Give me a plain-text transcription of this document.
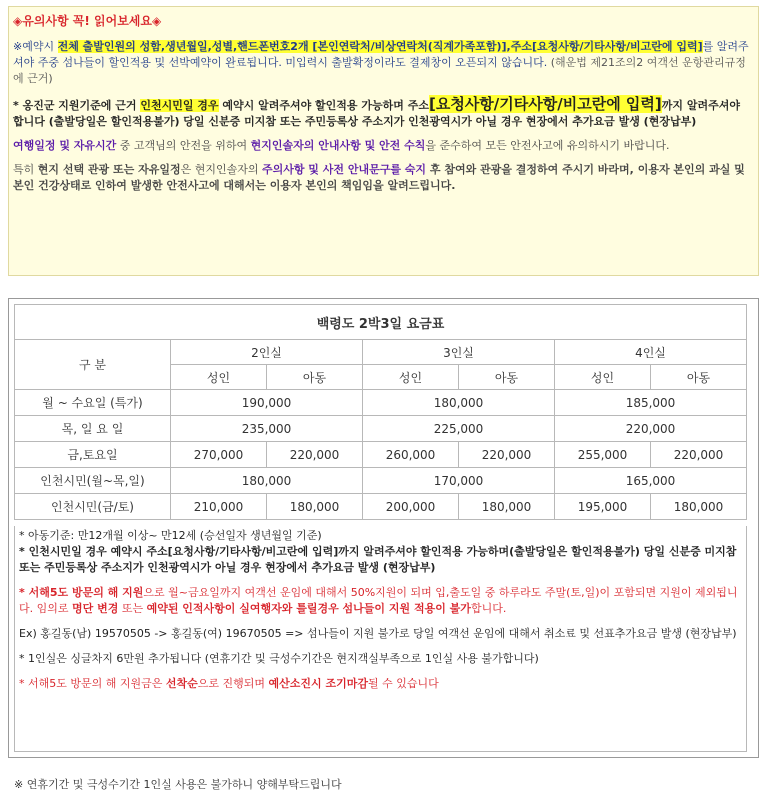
◈유의사항 꼭! 읽어보세요◈

※예약시 전체 출발인원의 성함,생년월일,성별,핸드폰번호2개 [본인연락처/비상연락처(직계가족포함)],주소[요청사항/기타사항/비고란에 입력]를 알려주셔야 주중 섬나들이 할인적용 및 선박예약이 완료됩니다. 미입력시 출발확정이라도 결제창이 오픈되지 않습니다. (해운법 제21조의2 여객선 운항관리규정에 근거)

* 옹진군 지원기준에 근거 인천시민일 경우 예약시 알려주셔야 할인적용 가능하며 주소[요청사항/기타사항/비고란에 입력]까지 알려주셔야 합니다 (출발당일은 할인적용불가) 당일 신분증 미지참 또는 주민등록상 주소지가 인천광역시가 아닐 경우 현장에서 추가요금 발생 (현장납부)

여행일정 및 자유시간 중 고객님의 안전을 위하여 현지인솔자의 안내사항 및 안전 수칙을 준수하여 모든 안전사고에 유의하시기 바랍니다.

특히 현지 선택 관광 또는 자유일정은 현지인솔자의 주의사항 및 사전 안내문구를 숙지 후 참여와 관광을 결정하여 주시기 바라며, 이용자 본인의 과실 및 본인 건강상태로 인하여 발생한 안전사고에 대해서는 이용자 본인의 책임임을 알려드립니다.

백령도 2박3일 요금표						
구 분	2인실		3인실		4인실	
	성인	아동	성인	아동	성인	아동
월 ~ 수요일 (특가)	190,000		180,000		185,000	
목, 일 요 일	235,000		225,000		220,000	
금,토요일	270,000	220,000	260,000	220,000	255,000	220,000
인천시민(월~목,일)	180,000		170,000		165,000	
인천시민(금/토)	210,000	180,000	200,000	180,000	195,000	180,000

* 아동기준: 만12개월 이상~ 만12세 (승선일자 생년월일 기준)

* 인천시민일 경우 예약시 주소[요청사항/기타사항/비고란에 입력]까지 알려주셔야 할인적용 가능하며(출발당일은 할인적용불가) 당일 신분증 미지참 또는 주민등록상 주소지가 인천광역시가 아닐 경우 현장에서 추가요금 발생 (현장납부)

* 서해5도 방문의 해 지원으로 월~금요일까지 여객선 운임에 대해서 50%지원이 되며 입,출도일 중 하루라도 주말(토,일)이 포함되면 지원이 제외됩니다. 임의로 명단 변경 또는 예약된 인적사항이 실여행자와 틀릴경우 섬나들이 지원 적용이 불가합니다.

Ex) 홍길동(남) 19570505 -> 홍길동(여) 19670505 => 섬나들이 지원 불가로 당일 여객선 운임에 대해서 취소료 및 선표추가요금 발생 (현장납부)

* 1인실은 싱글차지 6만원 추가됩니다 (연휴기간 및 극성수기간은 현지객실부족으로 1인실 사용 불가합니다)

* 서해5도 방문의 해 지원금은 선착순으로 진행되며 예산소진시 조기마감될 수 있습니다

※ 연휴기간 및 극성수기간 1인실 사용은 불가하니 양해부탁드립니다
